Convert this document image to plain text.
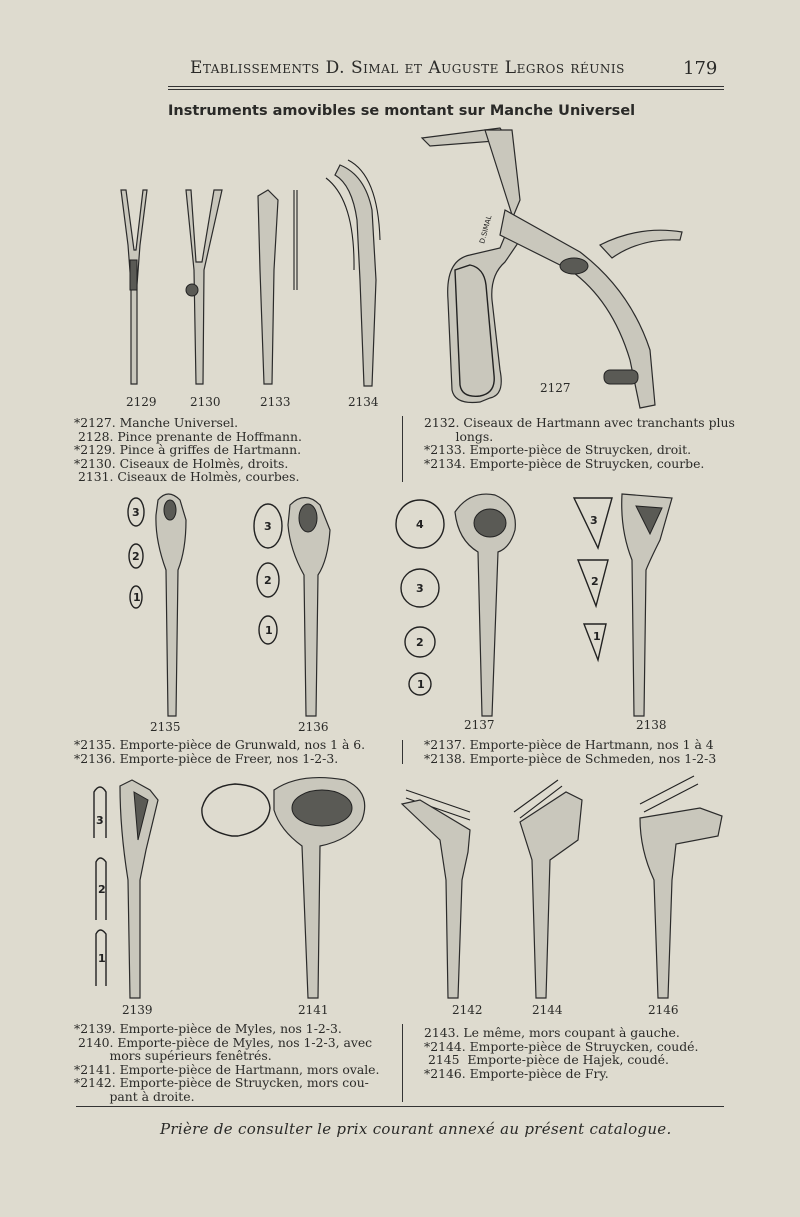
Etablissements D. Simal et Auguste Legros réunis	179
Instruments amovibles se montant sur Manche Universel
D.SIMAL
3
2
1
3
2
1
4
3
2
1
3
2
1
3
2
1
2129	2130	2133	2134
2127
2135	2136	2137	2138
2139	2141	2142	2144	2146
*2127. Manche Universel.
2128. Pince prenante de Hoffmann.
*2129. Pince à griffes de Hartmann.
*2130. Ciseaux de Holmès, droits.
2131. Ciseaux de Holmès, courbes.
2132. Ciseaux de Hartmann avec tranchants plus
longs.
*2133. Emporte-pièce de Struycken, droit.
*2134. Emporte-pièce de Struycken, courbe.
*2135. Emporte-pièce de Grunwald, nos 1 à 6.
*2136. Emporte-pièce de Freer, nos 1-2-3.
*2137. Emporte-pièce de Hartmann, nos 1 à 4
*2138. Emporte-pièce de Schmeden, nos 1-2-3
*2139. Emporte-pièce de Myles, nos 1-2-3.
2140. Emporte-pièce de Myles, nos 1-2-3, avec
mors supérieurs fenêtrés.
*2141. Emporte-pièce de Hartmann, mors ovale.
*2142. Emporte-pièce de Struycken, mors cou-
pant à droite.
2143. Le même, mors coupant à gauche.
*2144. Emporte-pièce de Struycken, coudé.
2145  Emporte-pièce de Hajek, coudé.
*2146. Emporte-pièce de Fry.
Prière de consulter le prix courant annexé au présent catalogue.
